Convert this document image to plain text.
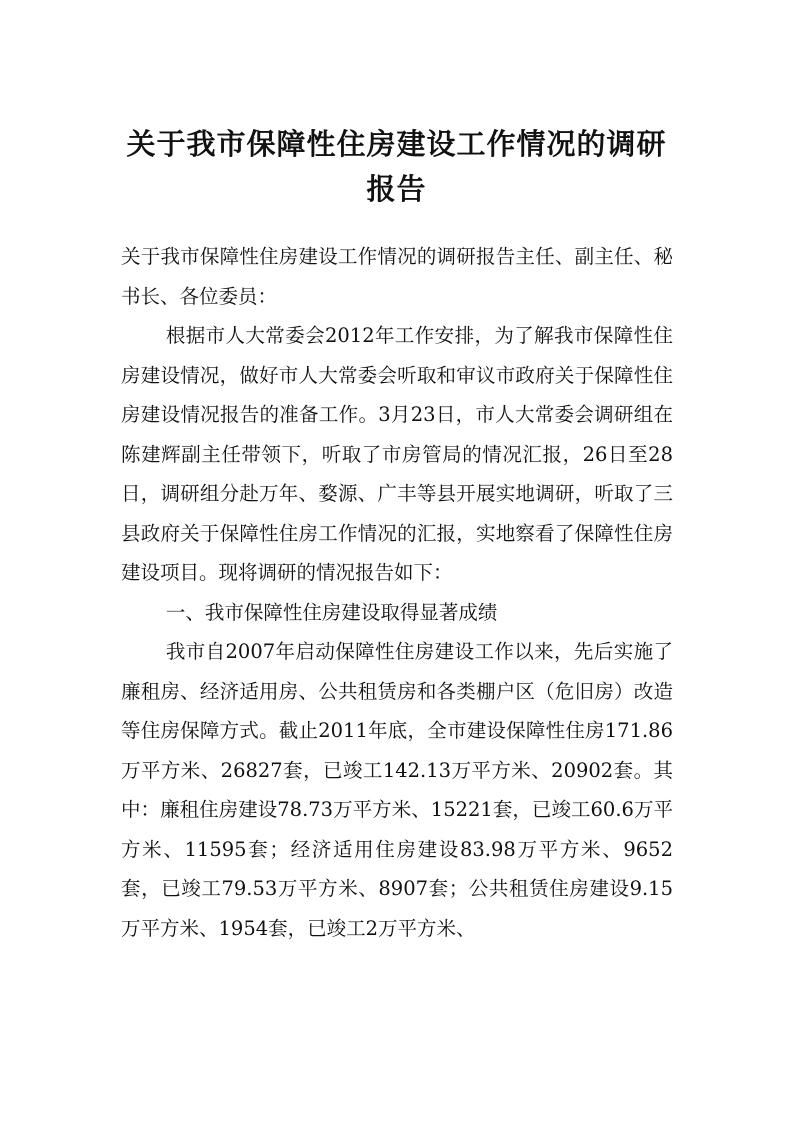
关于我市保障性住房建设工作情况的调研
报告

关于我市保障性住房建设工作情况的调研报告主任、副主任、秘书长、各位委员：

根据市人大常委会2012年工作安排，为了解我市保障性住房建设情况，做好市人大常委会听取和审议市政府关于保障性住房建设情况报告的准备工作。3月23日，市人大常委会调研组在陈建辉副主任带领下，听取了市房管局的情况汇报，26日至28日，调研组分赴万年、婺源、广丰等县开展实地调研，听取了三县政府关于保障性住房工作情况的汇报，实地察看了保障性住房建设项目。现将调研的情况报告如下：

一、我市保障性住房建设取得显著成绩

我市自2007年启动保障性住房建设工作以来，先后实施了廉租房、经济适用房、公共租赁房和各类棚户区（危旧房）改造等住房保障方式。截止2011年底，全市建设保障性住房171.86万平方米、26827套，已竣工142.13万平方米、20902套。其中：廉租住房建设78.73万平方米、15221套，已竣工60.6万平方米、11595套；经济适用住房建设83.98万平方米、9652套，已竣工79.53万平方米、8907套；公共租赁住房建设9.15万平方米、1954套，已竣工2万平方米、
